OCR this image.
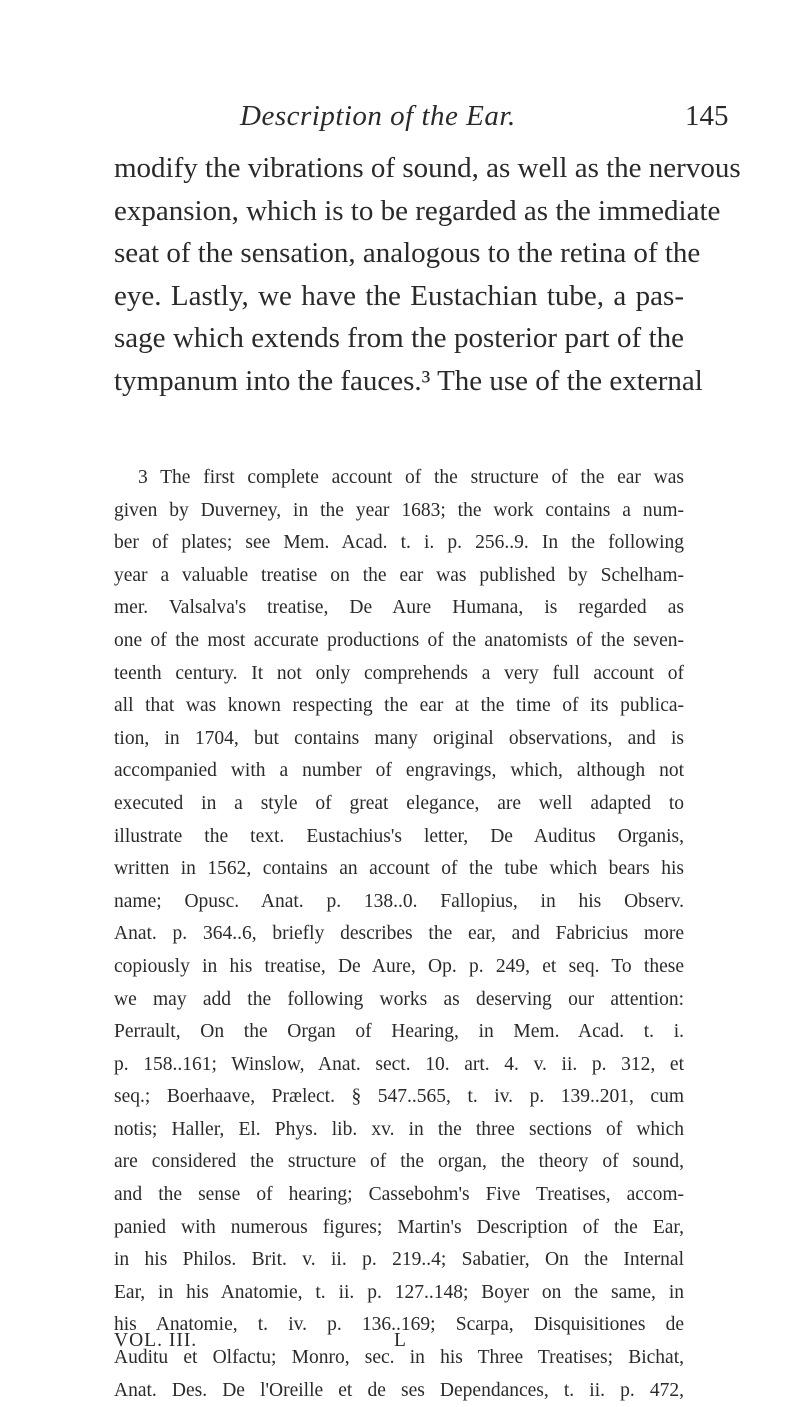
Description of the Ear.	145
modify the vibrations of sound, as well as the nervous
expansion, which is to be regarded as the immediate
seat of the sensation, analogous to the retina of the
eye. Lastly, we have the Eustachian tube, a pas-
sage which extends from the posterior part of the
tympanum into the fauces.³ The use of the external
3 The first complete account of the structure of the ear was
given by Duverney, in the year 1683; the work contains a num-
ber of plates; see Mem. Acad. t. i. p. 256..9. In the following
year a valuable treatise on the ear was published by Schelham-
mer. Valsalva's treatise, De Aure Humana, is regarded as
one of the most accurate productions of the anatomists of the seven-
teenth century. It not only comprehends a very full account of
all that was known respecting the ear at the time of its publica-
tion, in 1704, but contains many original observations, and is
accompanied with a number of engravings, which, although not
executed in a style of great elegance, are well adapted to
illustrate the text. Eustachius's letter, De Auditus Organis,
written in 1562, contains an account of the tube which bears his
name; Opusc. Anat. p. 138..0. Fallopius, in his Observ.
Anat. p. 364..6, briefly describes the ear, and Fabricius more
copiously in his treatise, De Aure, Op. p. 249, et seq. To these
we may add the following works as deserving our attention:
Perrault, On the Organ of Hearing, in Mem. Acad. t. i.
p. 158..161; Winslow, Anat. sect. 10. art. 4. v. ii. p. 312, et
seq.; Boerhaave, Prælect. § 547..565, t. iv. p. 139..201, cum
notis; Haller, El. Phys. lib. xv. in the three sections of which
are considered the structure of the organ, the theory of sound,
and the sense of hearing; Cassebohm's Five Treatises, accom-
panied with numerous figures; Martin's Description of the Ear,
in his Philos. Brit. v. ii. p. 219..4; Sabatier, On the Internal
Ear, in his Anatomie, t. ii. p. 127..148; Boyer on the same, in
his Anatomie, t. iv. p. 136..169; Scarpa, Disquisitiones de
Auditu et Olfactu; Monro, sec. in his Three Treatises; Bichat,
Anat. Des. De l'Oreille et de ses Dependances, t. ii. p. 472,
VOL. III.	L
